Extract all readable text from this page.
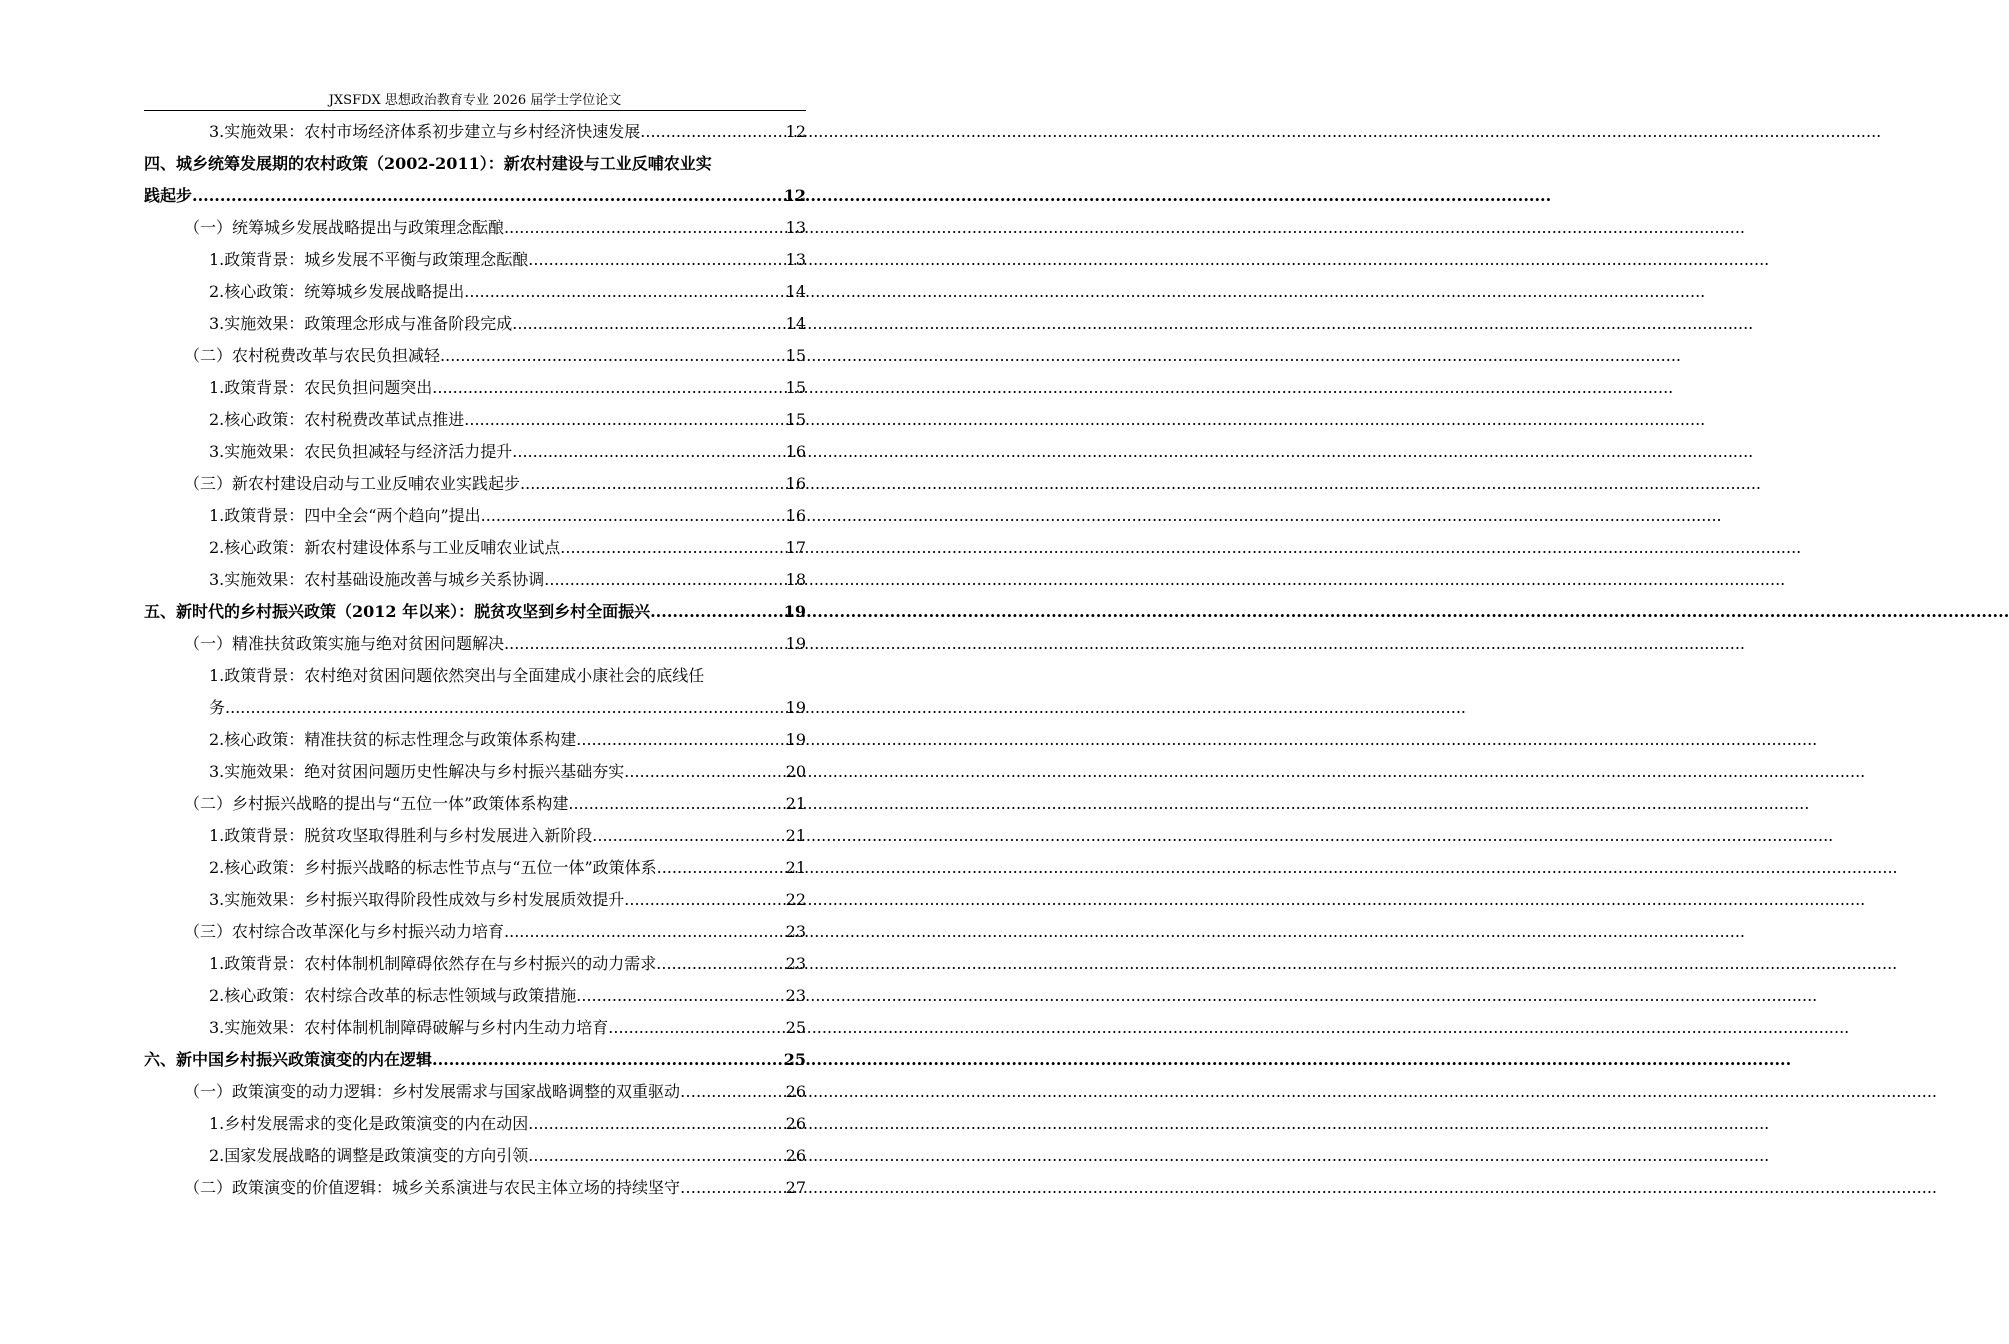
JXSFDX 思想政治教育专业 2026 届学士学位论文
3.实施效果：农村市场经济体系初步建立与乡村经济快速发展 .....	12
四、城乡统筹发展期的农村政策（2002-2011）：新农村建设与工业反哺农业实
践起步 .....	12
（一）统筹城乡发展战略提出与政策理念酝酿 .....	13
1.政策背景：城乡发展不平衡与政策理念酝酿 .....	13
2.核心政策：统筹城乡发展战略提出 .....	14
3.实施效果：政策理念形成与准备阶段完成 .....	14
（二）农村税费改革与农民负担减轻 .....	15
1.政策背景：农民负担问题突出 .....	15
2.核心政策：农村税费改革试点推进 .....	15
3.实施效果：农民负担减轻与经济活力提升 .....	16
（三）新农村建设启动与工业反哺农业实践起步 .....	16
1.政策背景：四中全会“两个趋向”提出 .....	16
2.核心政策：新农村建设体系与工业反哺农业试点 .....	17
3.实施效果：农村基础设施改善与城乡关系协调 .....	18
五、新时代的乡村振兴政策（2012 年以来）：脱贫攻坚到乡村全面振兴 .....	19
（一）精准扶贫政策实施与绝对贫困问题解决 .....	19
1.政策背景：农村绝对贫困问题依然突出与全面建成小康社会的底线任
务 .....	19
2.核心政策：精准扶贫的标志性理念与政策体系构建 .....	19
3.实施效果：绝对贫困问题历史性解决与乡村振兴基础夯实 .....	20
（二）乡村振兴战略的提出与“五位一体”政策体系构建 .....	21
1.政策背景：脱贫攻坚取得胜利与乡村发展进入新阶段 .....	21
2.核心政策：乡村振兴战略的标志性节点与“五位一体”政策体系 .....	21
3.实施效果：乡村振兴取得阶段性成效与乡村发展质效提升 .....	22
（三）农村综合改革深化与乡村振兴动力培育 .....	23
1.政策背景：农村体制机制障碍依然存在与乡村振兴的动力需求 .....	23
2.核心政策：农村综合改革的标志性领域与政策措施 .....	23
3.实施效果：农村体制机制障碍破解与乡村内生动力培育 .....	25
六、新中国乡村振兴政策演变的内在逻辑 .....	25
（一）政策演变的动力逻辑：乡村发展需求与国家战略调整的双重驱动… .....	26
1.乡村发展需求的变化是政策演变的内在动因 .....	26
2.国家发展战略的调整是政策演变的方向引领 .....	26
（二）政策演变的价值逻辑：城乡关系演进与农民主体立场的持续坚守… .....	27
